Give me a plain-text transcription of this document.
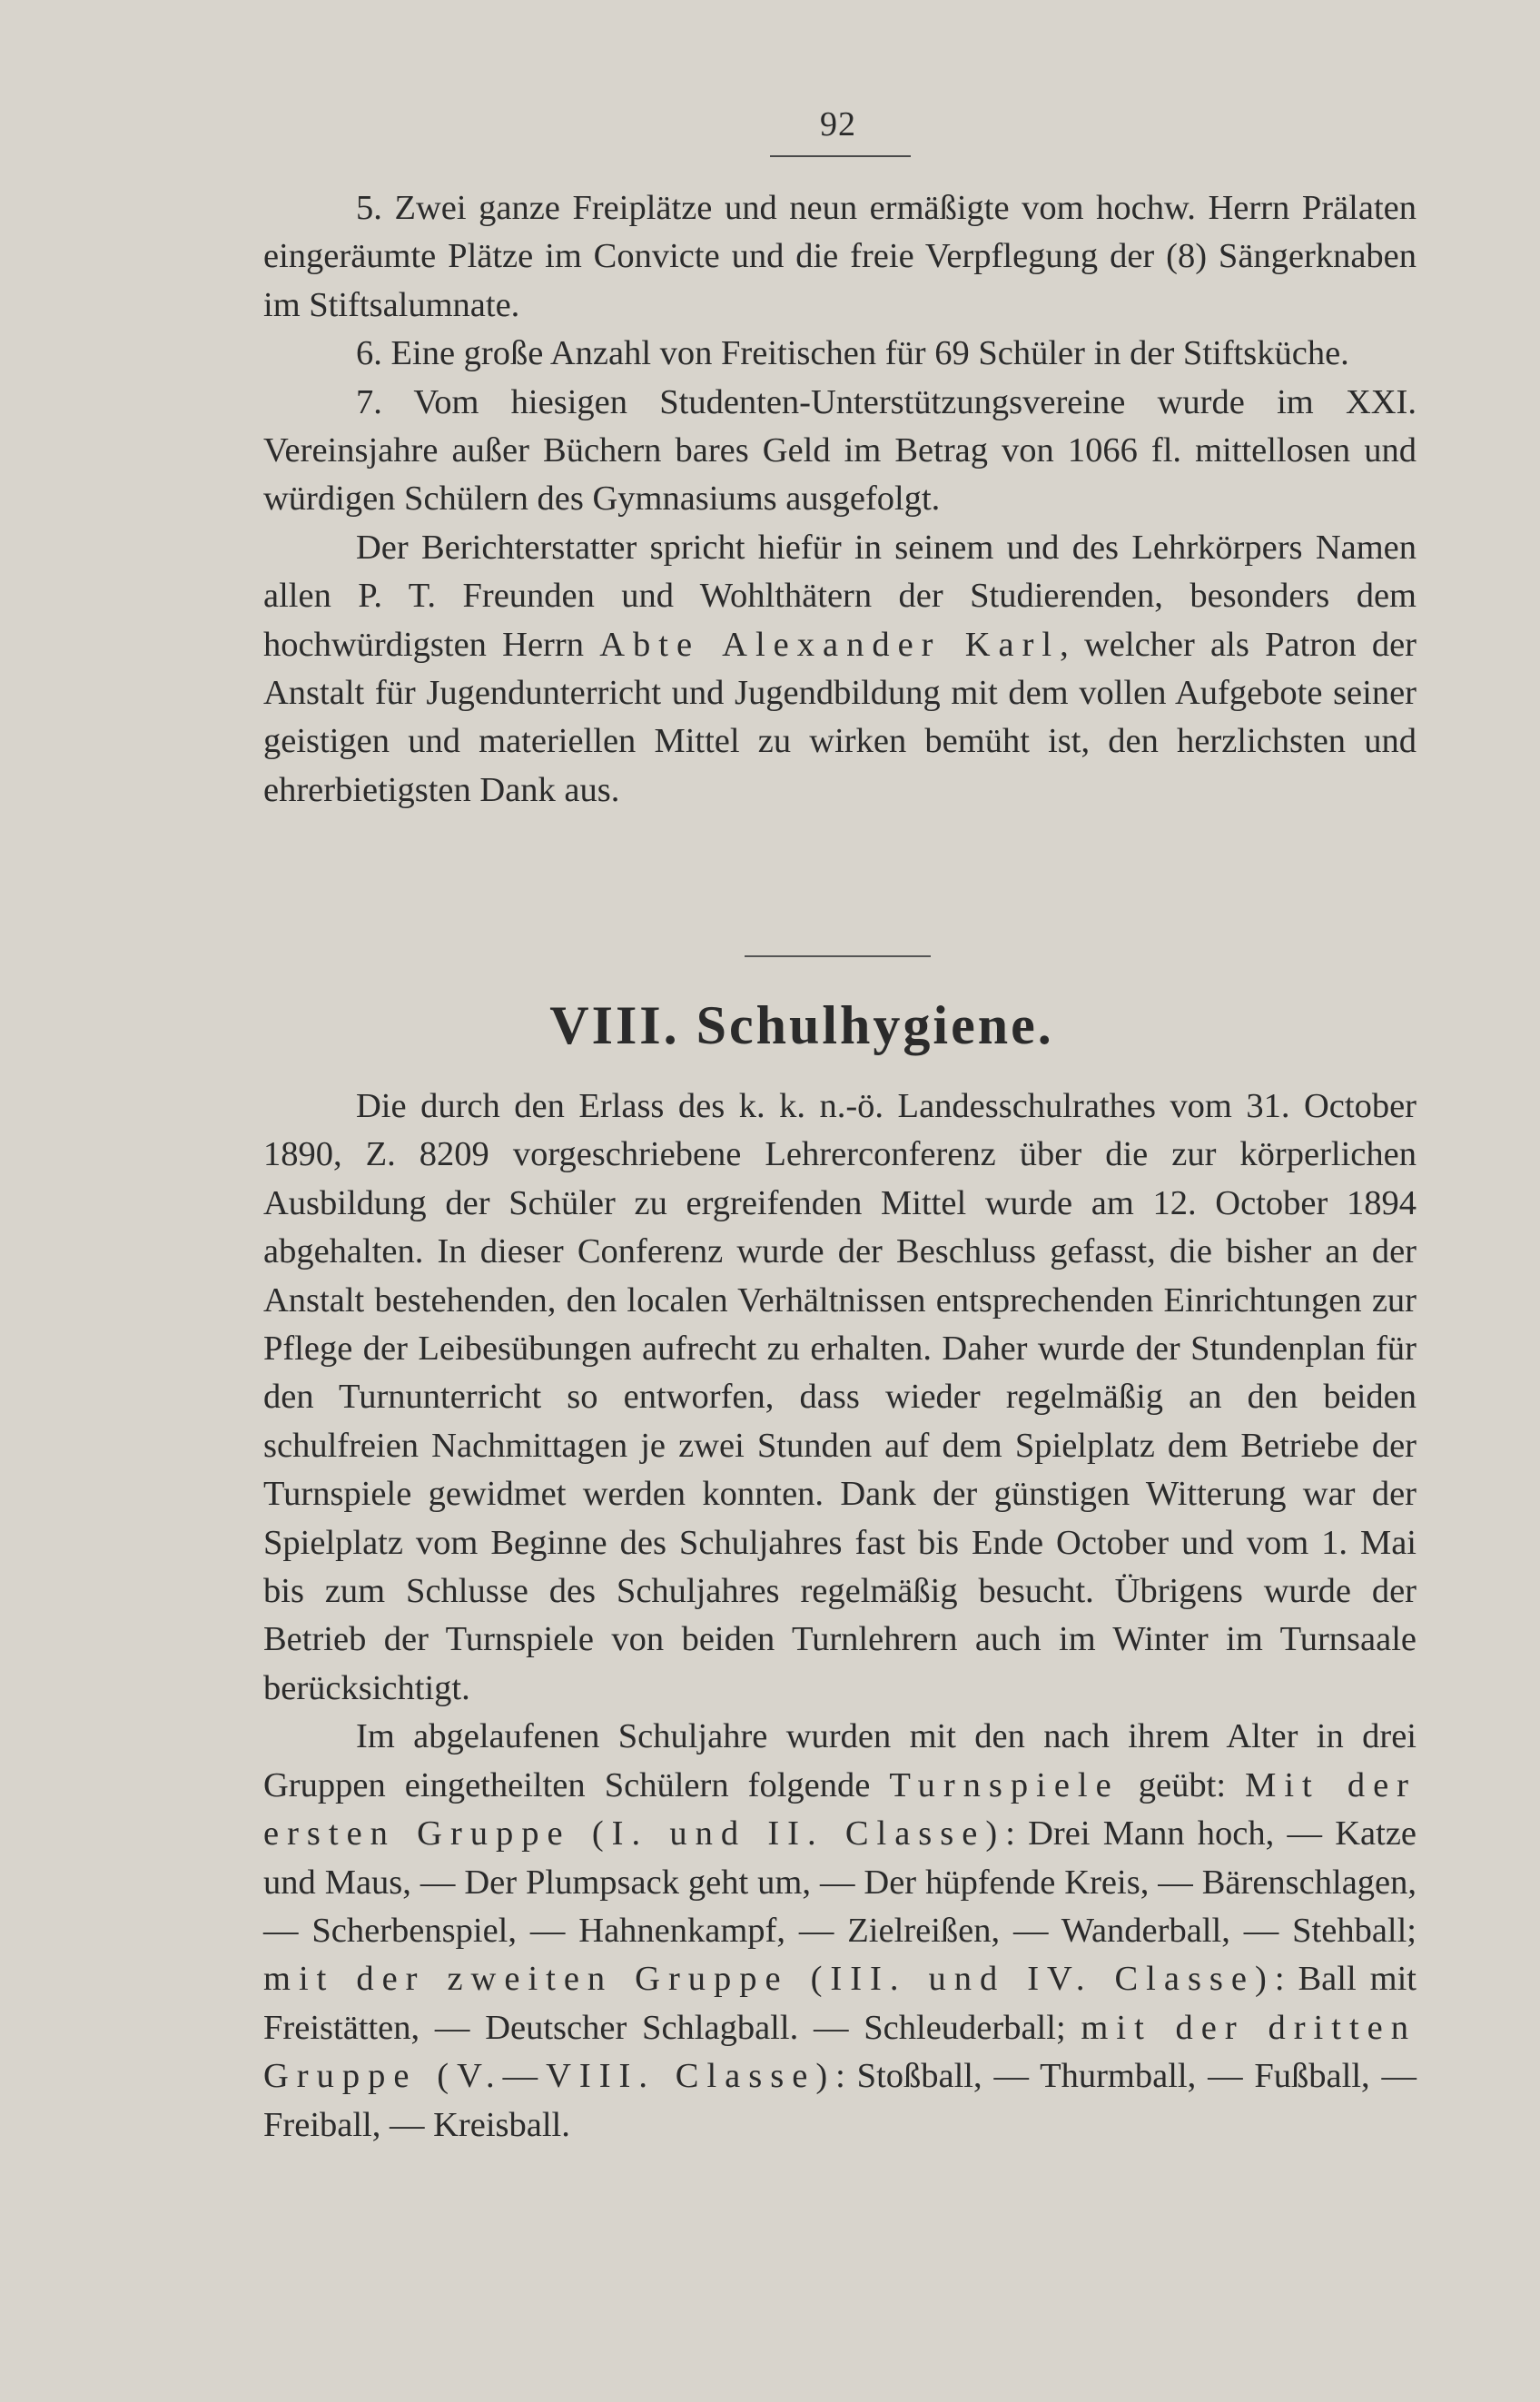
92

5. Zwei ganze Freiplätze und neun ermäßigte vom hochw. Herrn Prälaten eingeräumte Plätze im Convicte und die freie Verpflegung der (8) Sängerknaben im Stiftsalumnate.

6. Eine große Anzahl von Freitischen für 69 Schüler in der Stiftsküche.

7. Vom hiesigen Studenten-Unterstützungsvereine wurde im XXI. Vereinsjahre außer Büchern bares Geld im Betrag von 1066 fl. mittellosen und würdigen Schülern des Gymnasiums ausgefolgt.

Der Berichterstatter spricht hiefür in seinem und des Lehrkörpers Namen allen P. T. Freunden und Wohlthätern der Studierenden, besonders dem hochwürdigsten Herrn Abte Alexander Karl, welcher als Patron der Anstalt für Jugendunterricht und Jugendbildung mit dem vollen Aufgebote seiner geistigen und materiellen Mittel zu wirken bemüht ist, den herzlichsten und ehrerbietigsten Dank aus.

VIII. Schulhygiene.

Die durch den Erlass des k. k. n.-ö. Landesschulrathes vom 31. October 1890, Z. 8209 vorgeschriebene Lehrerconferenz über die zur körperlichen Ausbildung der Schüler zu ergreifenden Mittel wurde am 12. October 1894 abgehalten. In dieser Conferenz wurde der Beschluss gefasst, die bisher an der Anstalt bestehenden, den localen Verhältnissen entsprechenden Einrichtungen zur Pflege der Leibesübungen aufrecht zu erhalten. Daher wurde der Stundenplan für den Turnunterricht so entworfen, dass wieder regelmäßig an den beiden schulfreien Nachmittagen je zwei Stunden auf dem Spielplatz dem Betriebe der Turnspiele gewidmet werden konnten. Dank der günstigen Witterung war der Spielplatz vom Beginne des Schuljahres fast bis Ende October und vom 1. Mai bis zum Schlusse des Schuljahres regelmäßig besucht. Übrigens wurde der Betrieb der Turnspiele von beiden Turnlehrern auch im Winter im Turnsaale berücksichtigt.

Im abgelaufenen Schuljahre wurden mit den nach ihrem Alter in drei Gruppen eingetheilten Schülern folgende Turnspiele geübt: Mit der ersten Gruppe (I. und II. Classe): Drei Mann hoch, — Katze und Maus, — Der Plumpsack geht um, — Der hüpfende Kreis, — Bärenschlagen, — Scherbenspiel, — Hahnenkampf, — Zielreißen, — Wanderball, — Stehball; mit der zweiten Gruppe (III. und IV. Classe): Ball mit Freistätten, — Deutscher Schlagball. — Schleuderball; mit der dritten Gruppe (V.—VIII. Classe): Stoßball, — Thurmball, — Fußball, — Freiball, — Kreisball.
